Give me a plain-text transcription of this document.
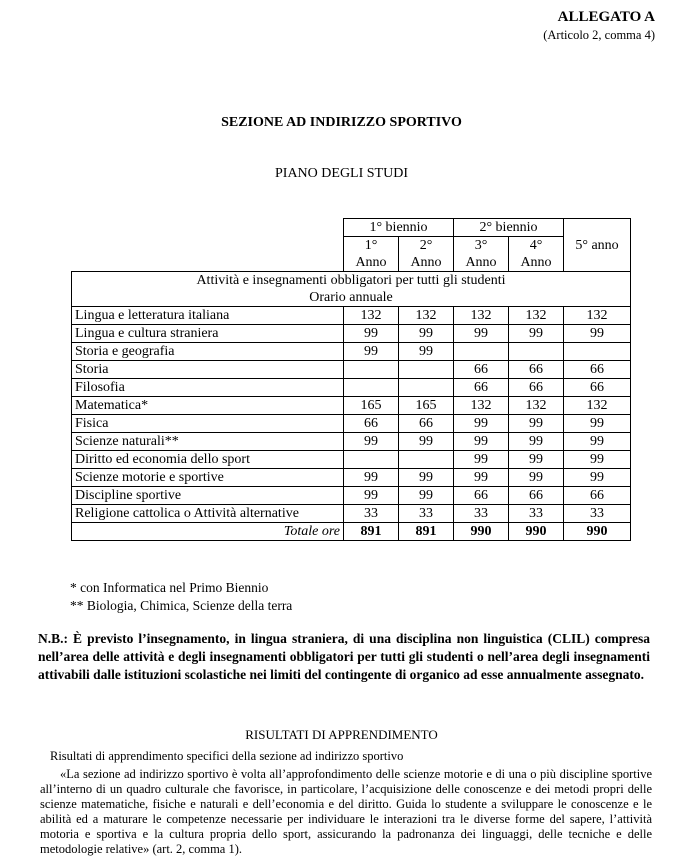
ALLEGATO A
(Articolo 2, comma 4)
SEZIONE AD INDIRIZZO SPORTIVO
PIANO DEGLI STUDI
	1° biennio		2° biennio		5° anno
	1°	2°	3°	4°	
	Anno	Anno	Anno	Anno	

Attività e insegnamenti obbligatori per tutti gli studenti
Orario annuale					

Lingua e letteratura italiana	132	132	132	132	132
Lingua e cultura straniera	99	99	99	99	99
Storia e geografia	99	99			
Storia			66	66	66
Filosofia			66	66	66
Matematica*	165	165	132	132	132
Fisica	66	66	99	99	99
Scienze naturali**	99	99	99	99	99
Diritto ed economia dello sport			99	99	99
Scienze motorie e sportive	99	99	99	99	99
Discipline sportive	99	99	66	66	66
Religione cattolica o Attività alternative	33	33	33	33	33
Totale ore	891	891	990	990	990
* con Informatica nel Primo Biennio
** Biologia, Chimica, Scienze della terra
N.B.: È previsto l’insegnamento, in lingua straniera, di una disciplina non linguistica (CLIL) compresa nell’area delle attività e degli insegnamenti obbligatori per tutti gli studenti o nell’area degli insegnamenti attivabili dalle istituzioni scolastiche nei limiti del contingente di organico ad esse annualmente assegnato.
RISULTATI DI APPRENDIMENTO
Risultati di apprendimento specifici della sezione ad indirizzo sportivo
«La sezione ad indirizzo sportivo è volta all’approfondimento delle scienze motorie e di una o più discipline sportive all’interno di un quadro culturale che favorisce, in particolare, l’acquisizione delle conoscenze e dei metodi propri delle scienze matematiche, fisiche e naturali e dell’economia e del diritto. Guida lo studente a sviluppare le conoscenze e le abilità ed a maturare le competenze necessarie per individuare le interazioni tra le diverse forme del sapere, l’attività motoria e sportiva e la cultura propria dello sport, assicurando la padronanza dei linguaggi, delle tecniche e delle metodologie relative» (art. 2, comma 1).
